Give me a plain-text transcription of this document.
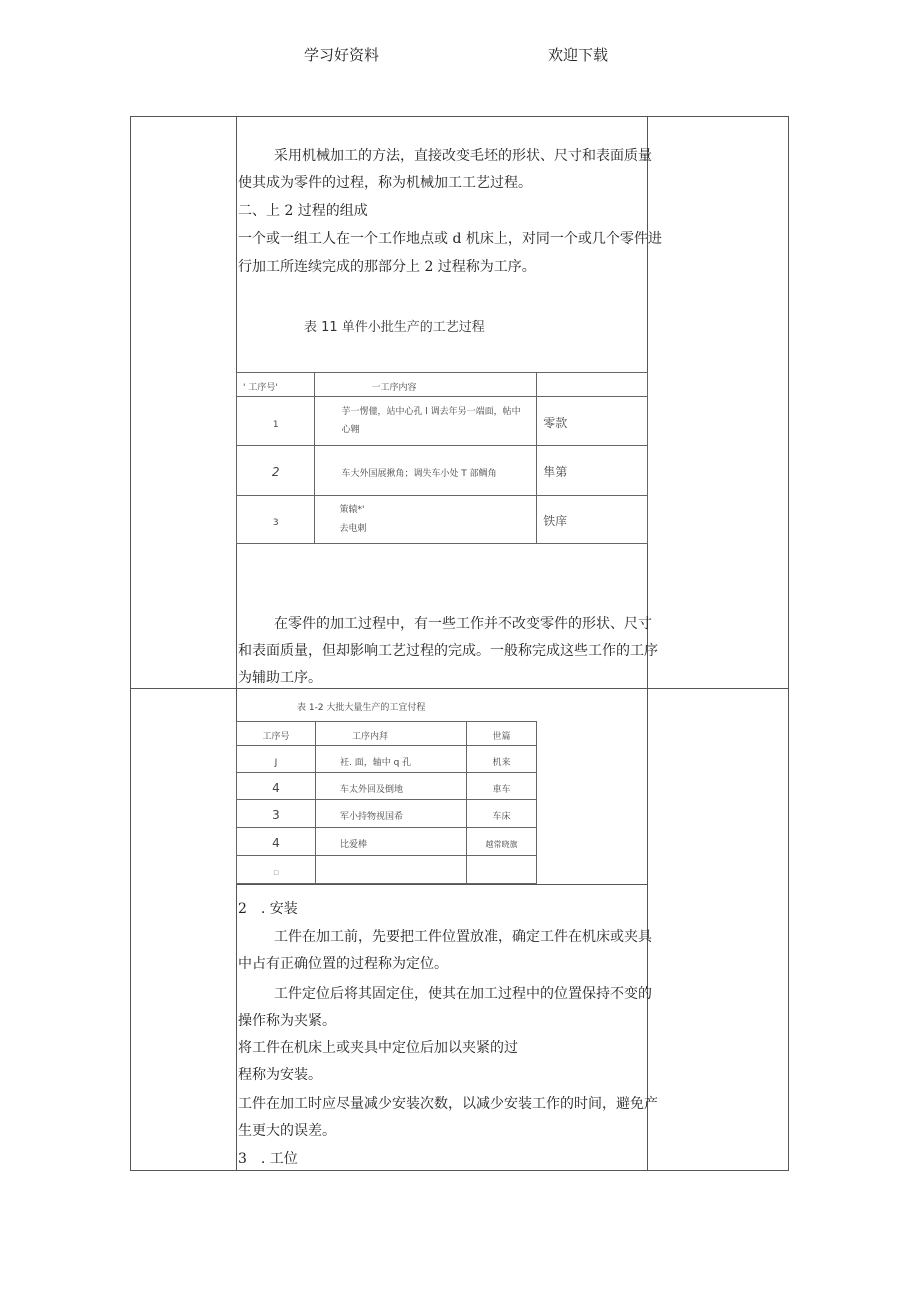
学习好资料	欢迎下载
采用机械加工的方法，直接改变毛坯的形状、尺寸和表面质量
使其成为零件的过程，称为机械加工工艺过程。
二、上 2 过程的组成
一个或一组工人在一个工作地点或 d 机床上，对同一个或几个零件进
行加工所连续完成的那部分上 2 过程称为工序。
表 11 单件小批生产的工艺过程
' 工序号'	一工序内容	
1	芋一愣僮，站中心孔 l 调去年另一端面，帖中
心翱	零款
2	车大外国展揪角；调失车小处 T 部鲷角	隼第
3	策辕*'
去电剌	铁庠
在零件的加工过程中，有一些工作并不改变零件的形状、尺寸
和表面质量，但却影响工艺过程的完成。一般称完成这些工作的工序
为辅助工序。
表 1-2 大批大量生产的工宜付程
工序号	工序内拜	世篇
J	衽. 面，轴中 q 孔	机来
4	车太外回及倒地	車车
3	军小持物视国希	车床
4	比爱棒	越常晓旗
▫		
2　. 安装
工件在加工前，先要把工件位置放准，确定工件在机床或夹具
中占有正确位置的过程称为定位。
工件定位后将其固定住，使其在加工过程中的位置保持不变的
操作称为夹紧。
将工件在机床上或夹具中定位后加以夹紧的过
程称为安装。
工件在加工时应尽量减少安装次数，以减少安装工作的时间，避免产
生更大的误差。
3　. 工位
